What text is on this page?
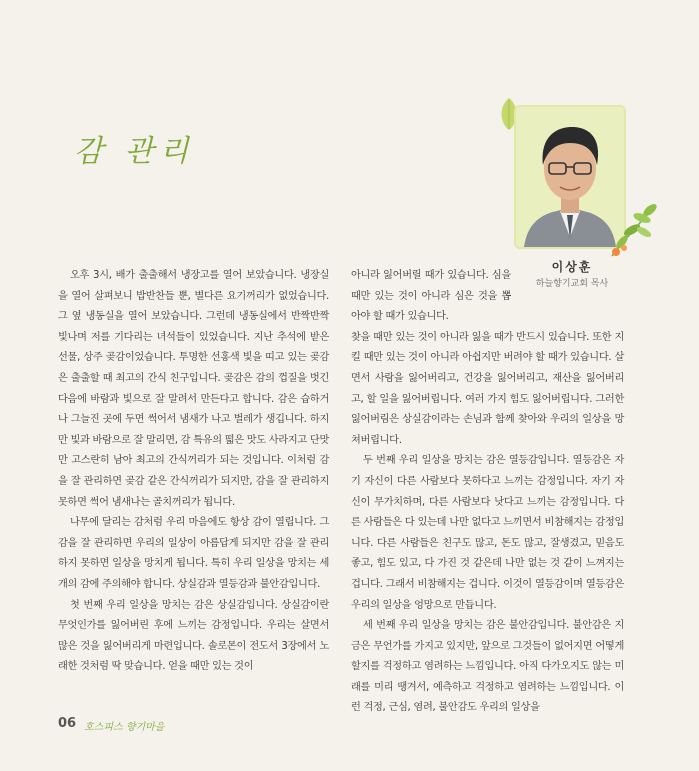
감 관리
이상훈
하늘향기교회 목사

오후 3시, 배가 출출해서 냉장고를 열어 보았습니다. 냉장실을 열어 살펴보니 밥반찬들 뿐, 별다른 요기꺼리가 없었습니다. 그 옆 냉동실을 열어 보았습니다. 그런데 냉동실에서 반짝반짝 빛나며 저를 기다리는 녀석들이 있었습니다. 지난 추석에 받은 선물, 상주 곶감이었습니다. 투명한 선홍색 빛을 띠고 있는 곶감은 출출할 때 최고의 간식 친구입니다. 곶감은 감의 껍질을 벗긴 다음에 바람과 빛으로 잘 말려서 만든다고 합니다. 감은 습하거나 그늘진 곳에 두면 썩어서 냄새가 나고 벌레가 생깁니다. 하지만 빛과 바람으로 잘 말리면, 감 특유의 떫은 맛도 사라지고 단맛만 고스란히 남아 최고의 간식꺼리가 되는 것입니다. 이처럼 감을 잘 관리하면 곶감 같은 간식꺼리가 되지만, 감을 잘 관리하지 못하면 썩어 냄새나는 골치꺼리가 됩니다.

나무에 달리는 감처럼 우리 마음에도 항상 감이 열립니다. 그 감을 잘 관리하면 우리의 일상이 아름답게 되지만 감을 잘 관리하지 못하면 일상을 망치게 됩니다. 특히 우리 일상을 망치는 세 개의 감에 주의해야 합니다. 상실감과 열등감과 불안감입니다.

첫 번째 우리 일상을 망치는 감은 상실감입니다. 상실감이란 무엇인가를 잃어버린 후에 느끼는 감정입니다. 우리는 살면서 많은 것을 잃어버리게 마련입니다. 솔로몬이 전도서 3장에서 노래한 것처럼 딱 맞습니다. 얻을 때만 있는 것이

아니라 잃어버릴 때가 있습니다. 심을 때만 있는 것이 아니라 심은 것을 뽑아야 할 때가 있습니다.

찾을 때만 있는 것이 아니라 잃을 때가 반드시 있습니다. 또한 지킬 때만 있는 것이 아니라 아쉽지만 버려야 할 때가 있습니다. 살면서 사람을 잃어버리고, 건강을 잃어버리고, 재산을 잃어버리고, 할 일을 잃어버립니다. 여러 가지 힘도 잃어버립니다. 그러한 잃어버림은 상실감이라는 손님과 함께 찾아와 우리의 일상을 망쳐버립니다.

두 번째 우리 일상을 망치는 감은 열등감입니다. 열등감은 자기 자신이 다른 사람보다 못하다고 느끼는 감정입니다. 자기 자신이 무가치하며, 다른 사람보다 낫다고 느끼는 감정입니다. 다른 사람들은 다 있는데 나만 없다고 느끼면서 비참해지는 감정입니다. 다른 사람들은 친구도 많고, 돈도 많고, 잘생겼고, 믿음도 좋고, 힘도 있고, 다 가진 것 같은데 나만 없는 것 같이 느껴지는 겁니다. 그래서 비참해지는 겁니다. 이것이 열등감이며 열등감은 우리의 일상을 엉망으로 만듭니다.

세 번째 우리 일상을 망치는 감은 불안감입니다. 불안감은 지금은 무언가를 가지고 있지만, 앞으로 그것들이 없어지면 어떻게 할지를 걱정하고 염려하는 느낌입니다. 아직 다가오지도 않는 미래를 미리 땡겨서, 예측하고 걱정하고 염려하는 느낌입니다. 이런 걱정, 근심, 염려, 불안감도 우리의 일상을

06 호스피스 향기마을
